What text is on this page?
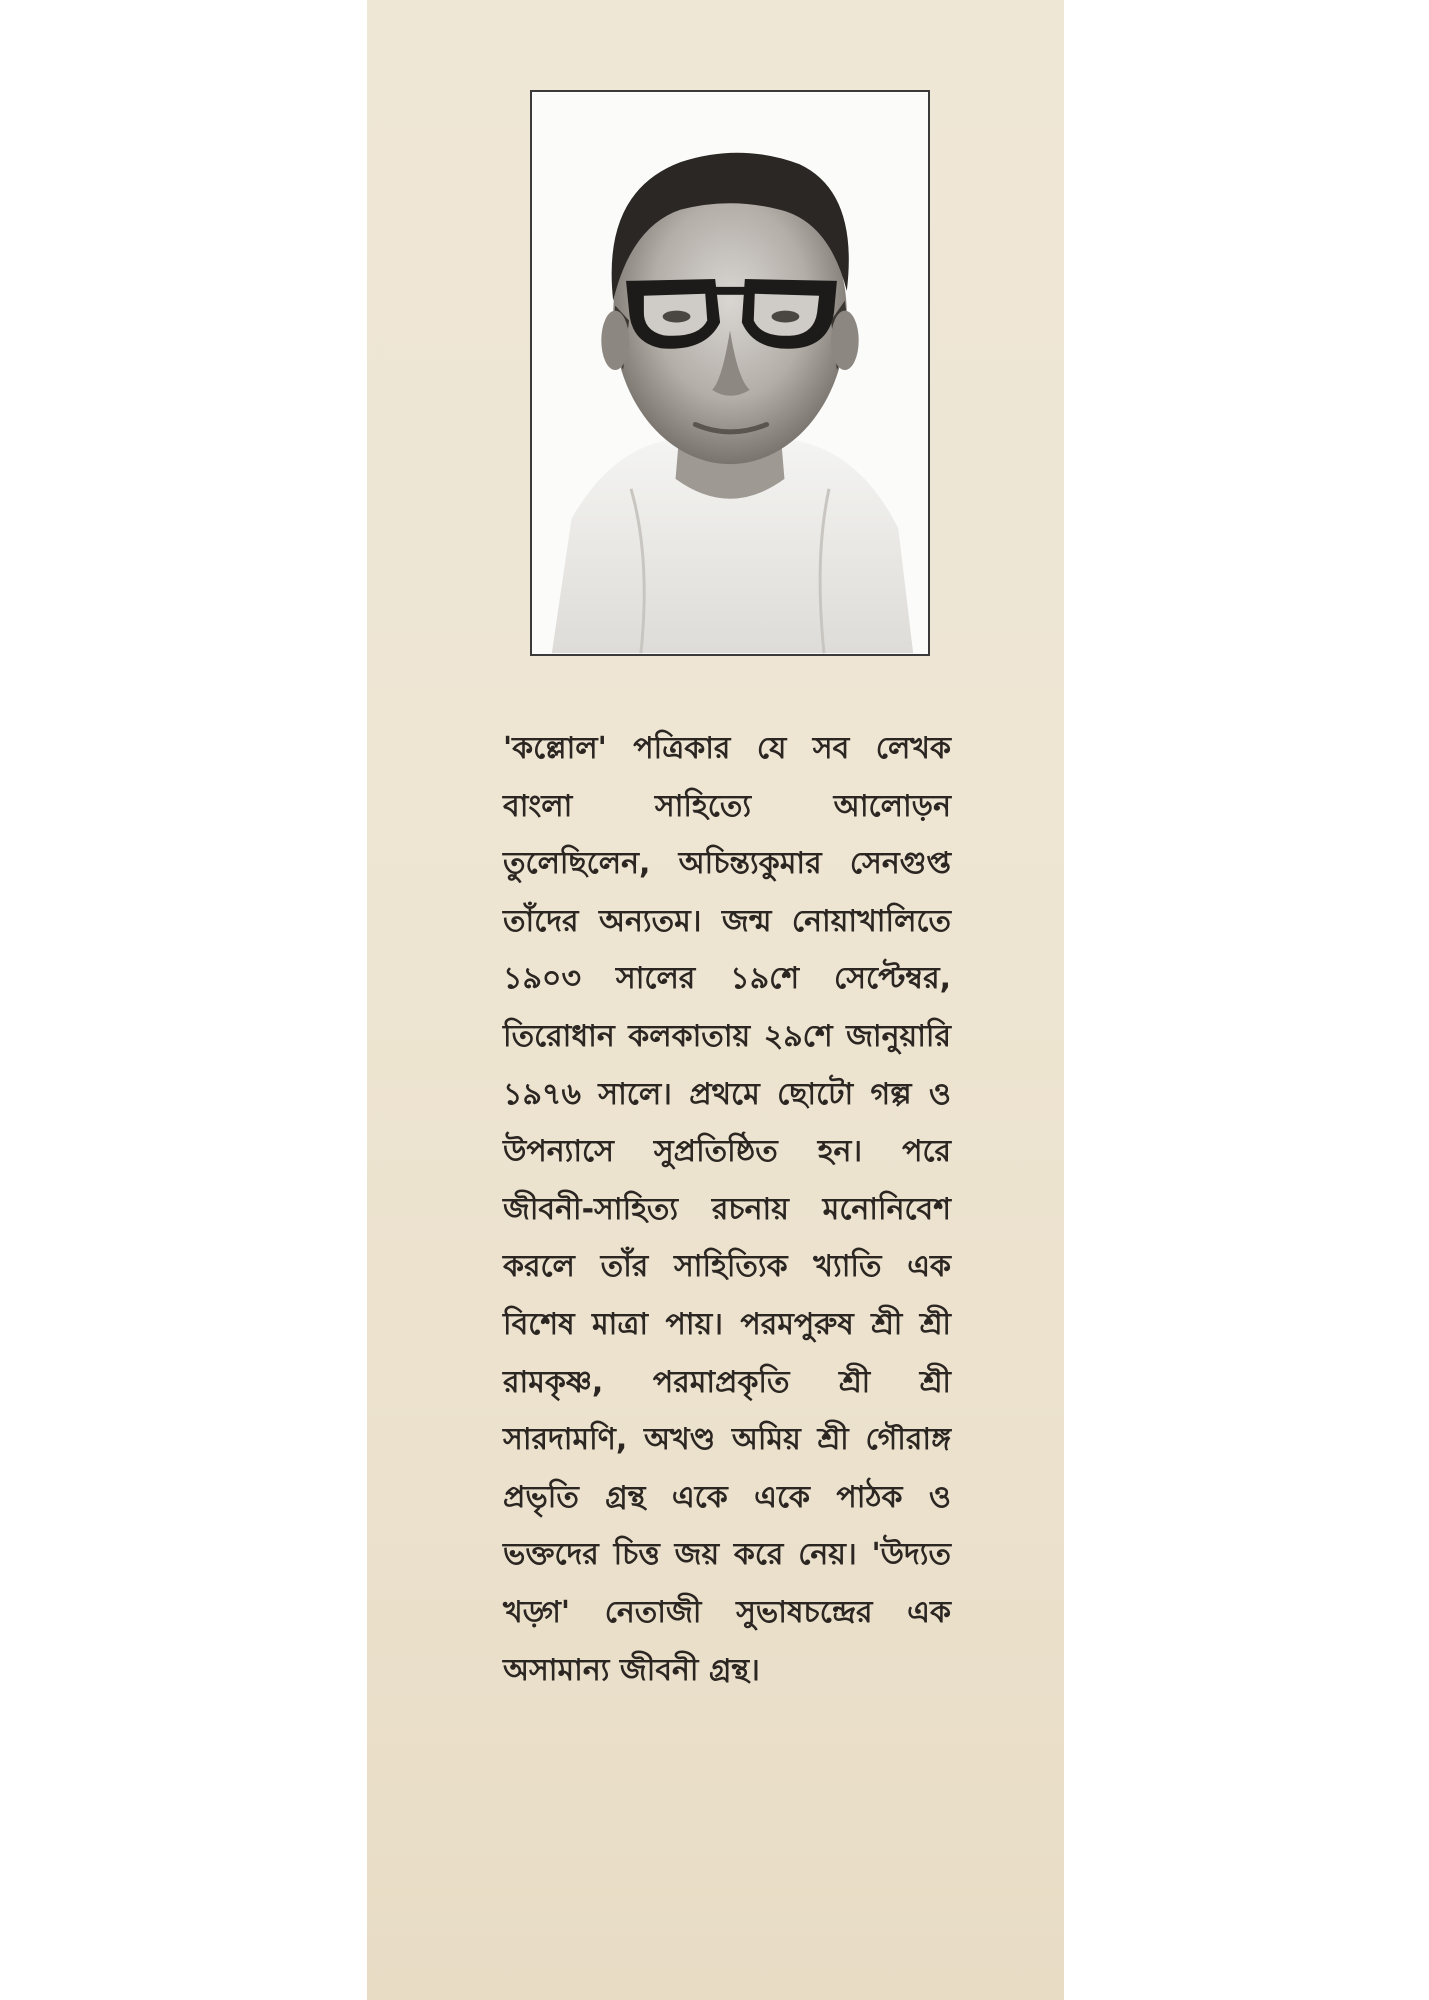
'কল্লোল' পত্রিকার যে সব লেখক বাংলা সাহিত্যে আলোড়ন তুলেছিলেন, অচিন্ত্যকুমার সেনগুপ্ত তাঁদের অন্যতম। জন্ম নোয়াখালিতে ১৯০৩ সালের ১৯শে সেপ্টেম্বর, তিরোধান কলকাতায় ২৯শে জানুয়ারি ১৯৭৬ সালে। প্রথমে ছোটো গল্প ও উপন্যাসে সুপ্রতিষ্ঠিত হন। পরে জীবনী-সাহিত্য রচনায় মনোনিবেশ করলে তাঁর সাহিত্যিক খ্যাতি এক বিশেষ মাত্রা পায়। পরমপুরুষ শ্রী শ্রী রামকৃষ্ণ, পরমাপ্রকৃতি শ্রী শ্রী সারদামণি, অখণ্ড অমিয় শ্রী গৌরাঙ্গ প্রভৃতি গ্রন্থ একে একে পাঠক ও ভক্তদের চিত্ত জয় করে নেয়। 'উদ্যত খড়্গ' নেতাজী সুভাষচন্দ্রের এক অসামান্য জীবনী গ্রন্থ।
